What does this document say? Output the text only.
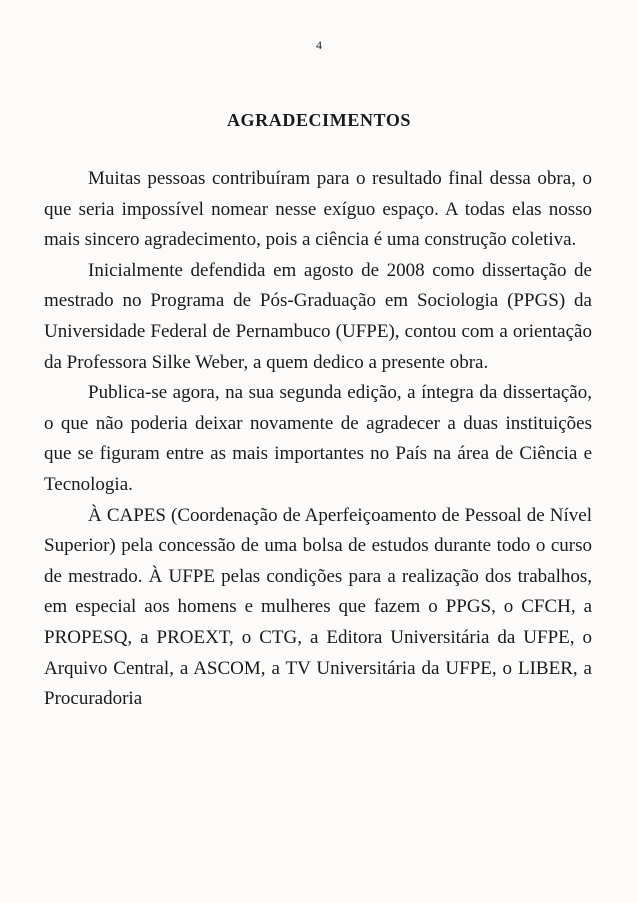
4
AGRADECIMENTOS

Muitas pessoas contribuíram para o resultado final dessa obra, o que seria impossível nomear nesse exíguo espaço. A todas elas nosso mais sincero agradecimento, pois a ciência é uma construção coletiva.

Inicialmente defendida em agosto de 2008 como dissertação de mestrado no Programa de Pós-Graduação em Sociologia (PPGS) da Universidade Federal de Pernambuco (UFPE), contou com a orientação da Professora Silke Weber, a quem dedico a presente obra.

Publica-se agora, na sua segunda edição, a íntegra da dissertação, o que não poderia deixar novamente de agradecer a duas instituições que se figuram entre as mais importantes no País na área de Ciência e Tecnologia.

À CAPES (Coordenação de Aperfeiçoamento de Pessoal de Nível Superior) pela concessão de uma bolsa de estudos durante todo o curso de mestrado. À UFPE pelas condições para a realização dos trabalhos, em especial aos homens e mulheres que fazem o PPGS, o CFCH, a PROPESQ, a PROEXT, o CTG, a Editora Universitária da UFPE, o Arquivo Central, a ASCOM, a TV Universitária da UFPE, o LIBER, a Procuradoria
